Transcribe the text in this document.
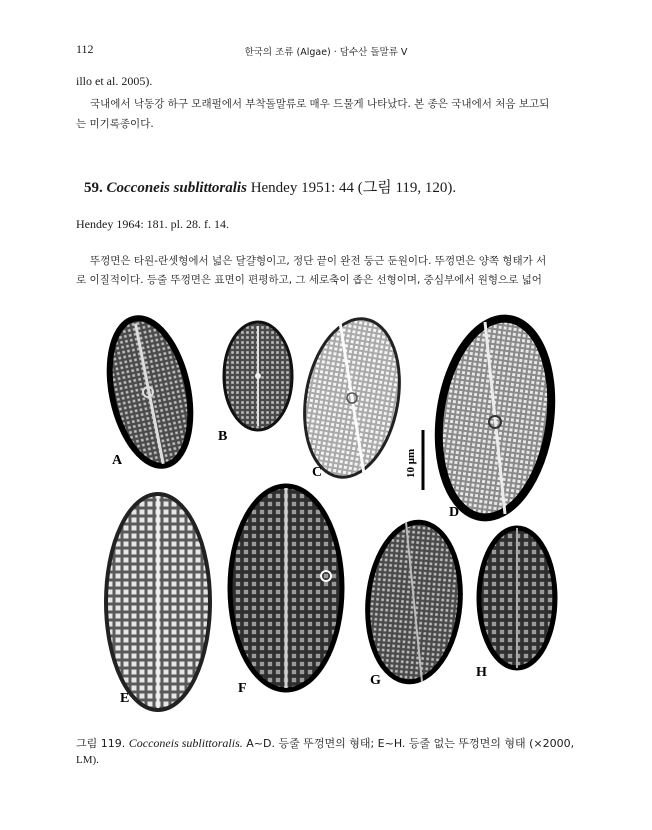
112	한국의 조류 (Algae) · 담수산 돌말류 V
illo et al. 2005).
국내에서 낙동강 하구 모래펄에서 부착돌말류로 매우 드물게 나타났다. 본 종은 국내에서 처음 보고되
는 미기록종이다.
59. Cocconeis sublittoralis Hendey 1951: 44 (그림 119, 120).
Hendey 1964: 181. pl. 28. f. 14.
뚜껑면은 타원-란셋형에서 넓은 달걀형이고, 정단 끝이 완전 둥근 둔원이다. 뚜껑면은 양쪽 형태가 서
로 이질적이다. 등줄 뚜껑면은 표면이 편평하고, 그 세로축이 좁은 선형이며, 중심부에서 원형으로 넓어
10 μm
A
B
C
D
E
F
G
H
그림 119. Cocconeis sublittoralis. A~D. 등줄 뚜껑면의 형태; E~H. 등줄 없는 뚜껑면의 형태 (×2000,
LM).
